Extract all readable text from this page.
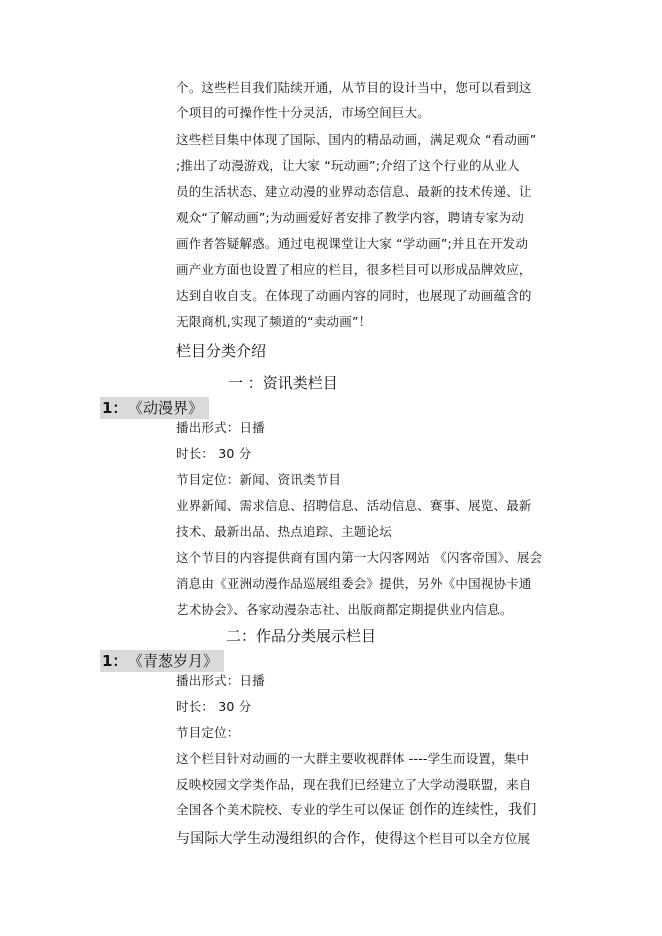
个。这些栏目我们陆续开通，从节目的设计当中，您可以看到这
个项目的可操作性十分灵活，市场空间巨大。
这些栏目集中体现了国际、国内的精品动画，满足观众 “看动画”
;推出了动漫游戏，让大家 “玩动画”;介绍了这个行业的从业人
员的生活状态、建立动漫的业界动态信息、最新的技术传递、让
观众“了解动画”;为动画爱好者安排了教学内容，聘请专家为动
画作者答疑解惑。通过电视课堂让大家 “学动画”;并且在开发动
画产业方面也设置了相应的栏目，很多栏目可以形成品牌效应，
达到自收自支。在体现了动画内容的同时，也展现了动画蕴含的
无限商机,实现了频道的“卖动画”！
栏目分类介绍
一 ：资讯类栏目
1： 《动漫界》
播出形式：日播
时长： 30 分
节目定位：新闻、资讯类节目
业界新闻、需求信息、招聘信息、活动信息、赛事、展览、最新
技术、最新出品、热点追踪、主题论坛
这个节目的内容提供商有国内第一大闪客网站 《闪客帝国》、展会
消息由《亚洲动漫作品巡展组委会》提供，另外《中国视协卡通
艺术协会》、各家动漫杂志社、出版商都定期提供业内信息。
二：作品分类展示栏目
1： 《青葱岁月》
播出形式：日播
时长： 30 分
节目定位：
这个栏目针对动画的一大群主要收视群体 ----学生而设置，集中
反映校园文学类作品，现在我们已经建立了大学动漫联盟，来自
全国各个美术院校、专业的学生可以保证 创作的连续性，我们
与国际大学生动漫组织的合作，使得这个栏目可以全方位展
